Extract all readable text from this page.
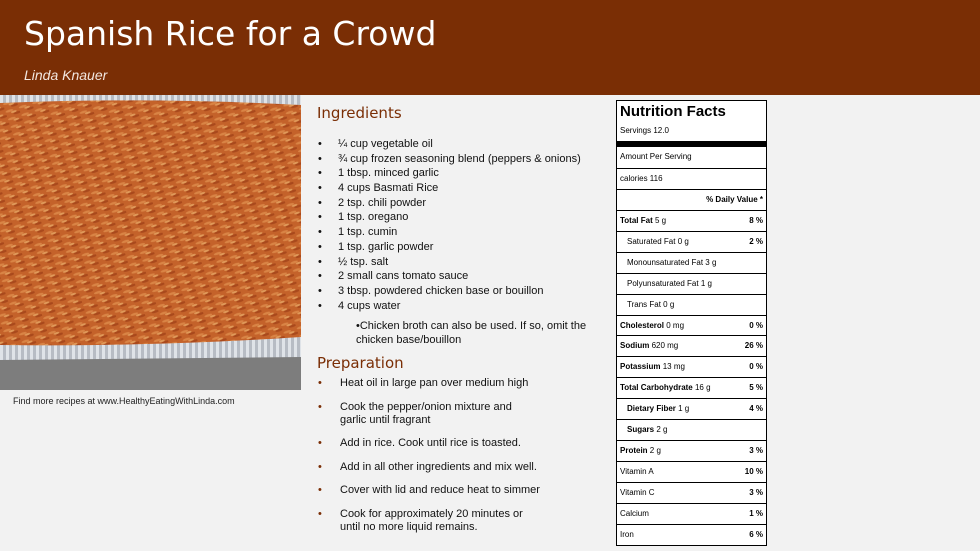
Spanish Rice for a Crowd
Linda Knauer
Find more recipes at www.HealthyEatingWithLinda.com
Ingredients
• ¼ cup vegetable oil
• ¾ cup frozen seasoning blend (peppers & onions)
• 1 tbsp. minced garlic
• 4 cups Basmati Rice
• 2 tsp. chili powder
• 1 tsp. oregano
• 1 tsp. cumin
• 1 tsp. garlic powder
• ½ tsp. salt
• 2 small cans tomato sauce
• 3 tbsp. powdered chicken base or bouillon
• 4 cups water
•Chicken broth can also be used. If so, omit the chicken base/bouillon
Preparation
• Heat oil in large pan over medium high
• Cook the pepper/onion mixture and garlic until fragrant
• Add in rice. Cook until rice is toasted.
• Add in all other ingredients and mix well.
• Cover with lid and reduce heat to simmer
• Cook for approximately 20 minutes or until no more liquid remains.
Nutrition Facts
Servings 12.0
Amount Per Serving
calories 116
% Daily Value *
Total Fat 5 g	8 %
Saturated Fat 0 g	2 %
Monounsaturated Fat 3 g
Polyunsaturated Fat 1 g
Trans Fat 0 g
Cholesterol 0 mg	0 %
Sodium 620 mg	26 %
Potassium 13 mg	0 %
Total Carbohydrate 16 g	5 %
Dietary Fiber 1 g	4 %
Sugars 2 g
Protein 2 g	3 %
Vitamin A	10 %
Vitamin C	3 %
Calcium	1 %
Iron	6 %
